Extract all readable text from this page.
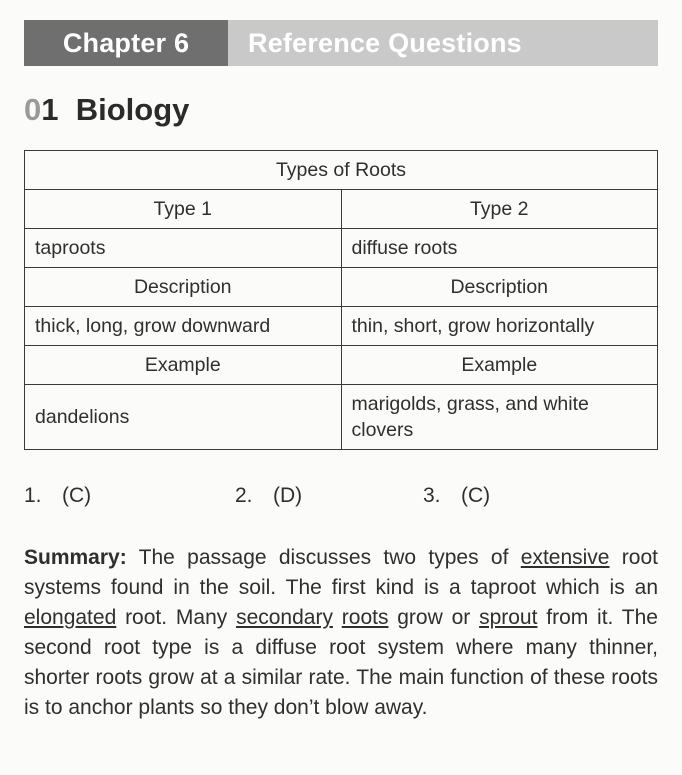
Chapter 6	Reference Questions
01 Biology
Types of Roots	
Type 1	Type 2
taproots	diffuse roots
Description	Description
thick, long, grow downward	thin, short, grow horizontally
Example	Example
dandelions	marigolds, grass, and white clovers
1. (C)	2. (D)	3. (C)

Summary: The passage discusses two types of extensive root systems found in the soil. The first kind is a taproot which is an elongated root. Many secondary roots grow or sprout from it. The second root type is a diffuse root system where many thinner, shorter roots grow at a similar rate. The main function of these roots is to anchor plants so they don’t blow away.
